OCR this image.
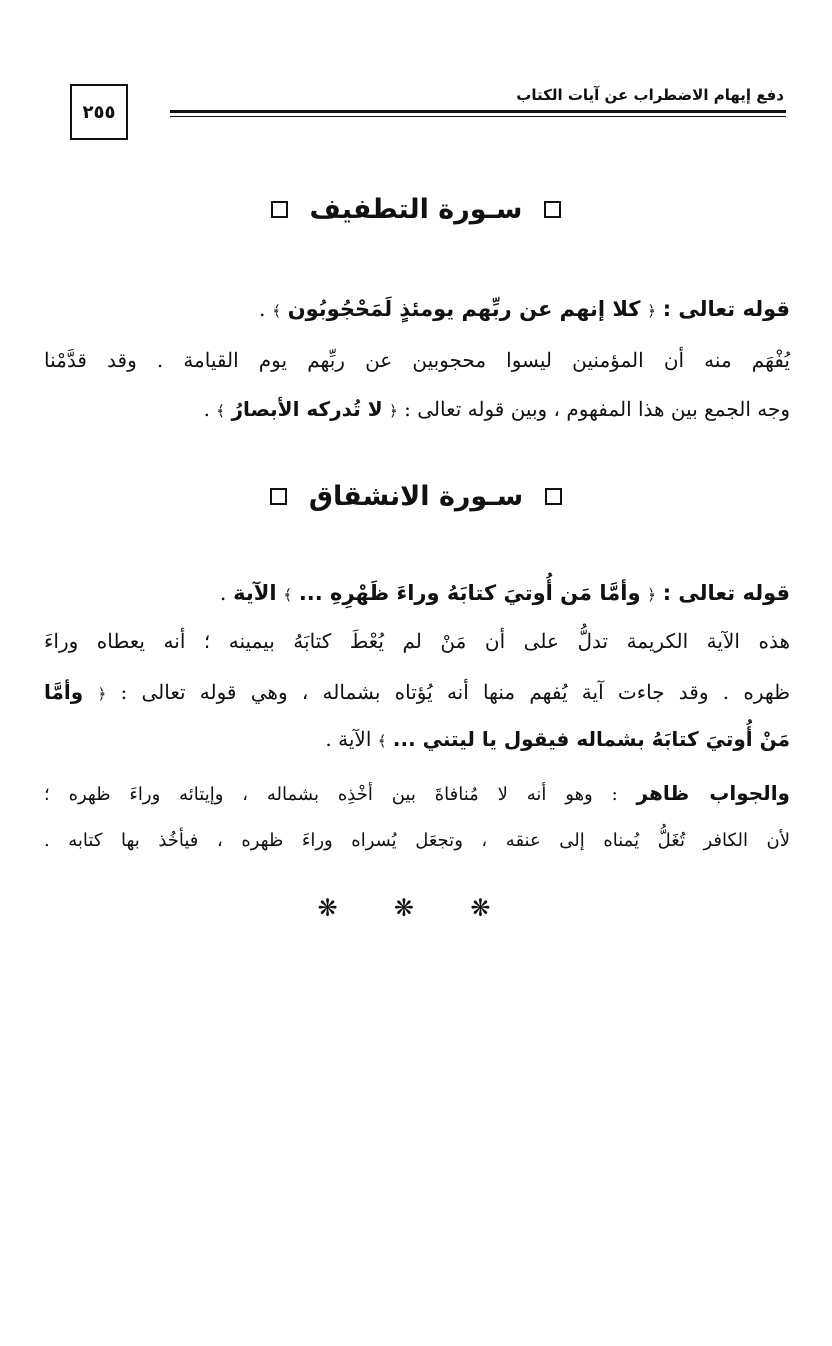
٢٥٥
دفع إيهام الاضطراب عن آيات الكتاب
سـورة التطفيف
قوله تعالى : ﴿ كلا إنهم عن ربِّهم يومئذٍ لَمَحْجُوبُون ﴾ .
يُفْهَم منه أن المؤمنين ليسوا محجوبين عن ربِّهم يوم القيامة . وقد قدَّمْنا
وجه الجمع بين هذا المفهوم ، وبين قوله تعالى : ﴿ لا تُدركه الأبصارُ ﴾ .
سـورة الانشقاق
قوله تعالى : ﴿ وأمَّا مَن أُوتيَ كتابَهُ وراءَ ظَهْرِهِ ... ﴾ الآية .
هذه الآية الكريمة تدلُّ على أن مَنْ لم يُعْطَ كتابَهُ بيمينه ؛ أنه يعطاه وراءَ
ظهره . وقد جاءت آية يُفهم منها أنه يُؤتاه بشماله ، وهي قوله تعالى : ﴿ وأمَّا
مَنْ أُوتيَ كتابَهُ بشماله فيقول يا ليتني ... ﴾ الآية .
والجواب ظاهر : وهو أنه لا مُنافاةَ بين أخْذِه بشماله ، وإيتائه وراءَ ظهره ؛
لأن الكافر تُغَلُّ يُمناه إلى عنقه ، وتجعَل يُسراه وراءَ ظهره ، فيأخُذ بها كتابه .
❋ ❋ ❋
